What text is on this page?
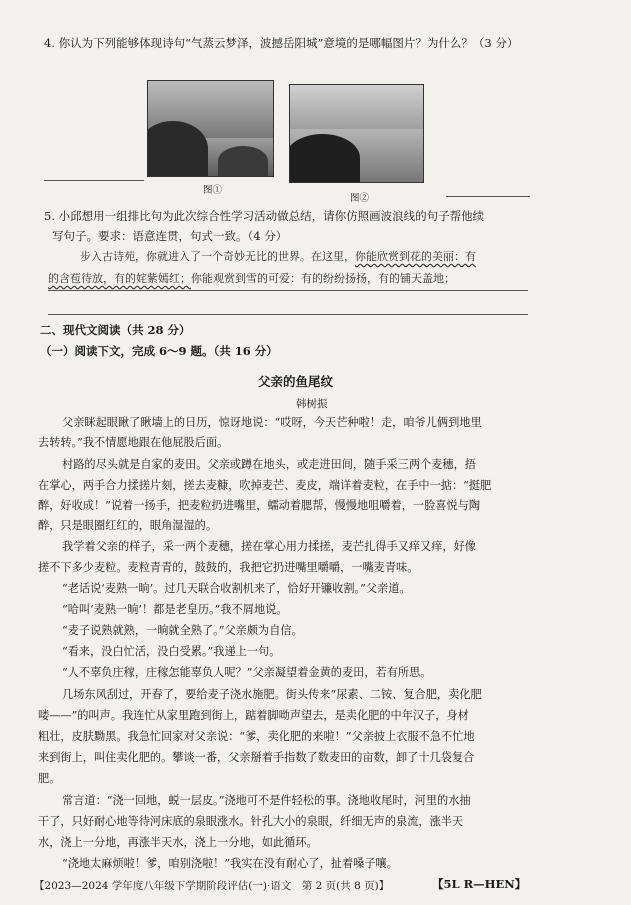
4. 你认为下列能够体现诗句“气蒸云梦泽，波撼岳阳城”意境的是哪幅图片？为什么？（3 分）
图①
图②
5. 小邱想用一组排比句为此次综合性学习活动做总结，请你仿照画波浪线的句子帮他续
写句子。要求：语意连贯，句式一致。（4 分）
步入古诗苑，你就进入了一个奇妙无比的世界。在这里，你能欣赏到花的美丽：有
的含苞待放，有的姹紫嫣红；你能观赏到雪的可爱：有的纷纷扬扬，有的铺天盖地；
二、现代文阅读（共 28 分）
（一）阅读下文，完成 6～9 题。（共 16 分）
父亲的鱼尾纹
韩树振
父亲眯起眼瞅了瞅墙上的日历，惊讶地说：“哎呀，今天芒种啦！走，咱爷儿俩到地里
去转转。”我不情愿地跟在他屁股后面。
村路的尽头就是自家的麦田。父亲或蹲在地头，或走进田间，随手采三两个麦穗，捂
在掌心，两手合力揉搓片刻，搓去麦糠，吹掉麦芒、麦皮，端详着麦粒，在手中一掂：“挺肥
醉，好收成！”说着一扬手，把麦粒扔进嘴里，蠕动着腮帮，慢慢地咀嚼着，一脸喜悦与陶
醉，只是眼圈红红的，眼角湿湿的。
我学着父亲的样子，采一两个麦穗，搓在掌心用力揉搓，麦芒扎得手又痒又痒，好像
搓不下多少麦粒。麦粒青青的，鼓鼓的，我把它扔进嘴里嚼嚼，一嘴麦青味。
“老话说‘麦熟一晌’。过几天联合收割机来了，恰好开镰收割。”父亲道。
“哈叫‘麦熟一晌’！都是老皇历。”我不屑地说。
“麦子说熟就熟，一晌就全熟了。”父亲颇为自信。
“看来，没白忙活，没白受累。”我递上一句。
“人不辜负庄稼，庄稼怎能辜负人呢？”父亲凝望着金黄的麦田，若有所思。
几场东风刮过，开春了，要给麦子浇水施肥。街头传来“尿素、二铵、复合肥，卖化肥
喽——”的叫声。我连忙从家里跑到街上，踮着脚呦声望去，是卖化肥的中年汉子，身材
粗壮，皮肤黝黑。我急忙回家对父亲说：“爹，卖化肥的来啦！”父亲披上衣服不急不忙地
来到街上，叫住卖化肥的。攀谈一番，父亲掰着手指数了数麦田的亩数，卸了十几袋复合
肥。
常言道：“浇一回地，蜕一层皮。”浇地可不是件轻松的事。浇地收尾时，河里的水抽
干了，只好耐心地等待河床底的泉眼涨水。针孔大小的泉眼，纤细无声的泉流，涨半天
水，浇上一分地，再涨半天水，浇上一分地，如此循环。
“浇地太麻烦啦！爹，咱别浇啦！”我实在没有耐心了，扯着嗓子嚷。
【2023—2024 学年度八年级下学期阶段评估(一)·语文　第 2 页(共 8 页)】	【5L R—HEN】
